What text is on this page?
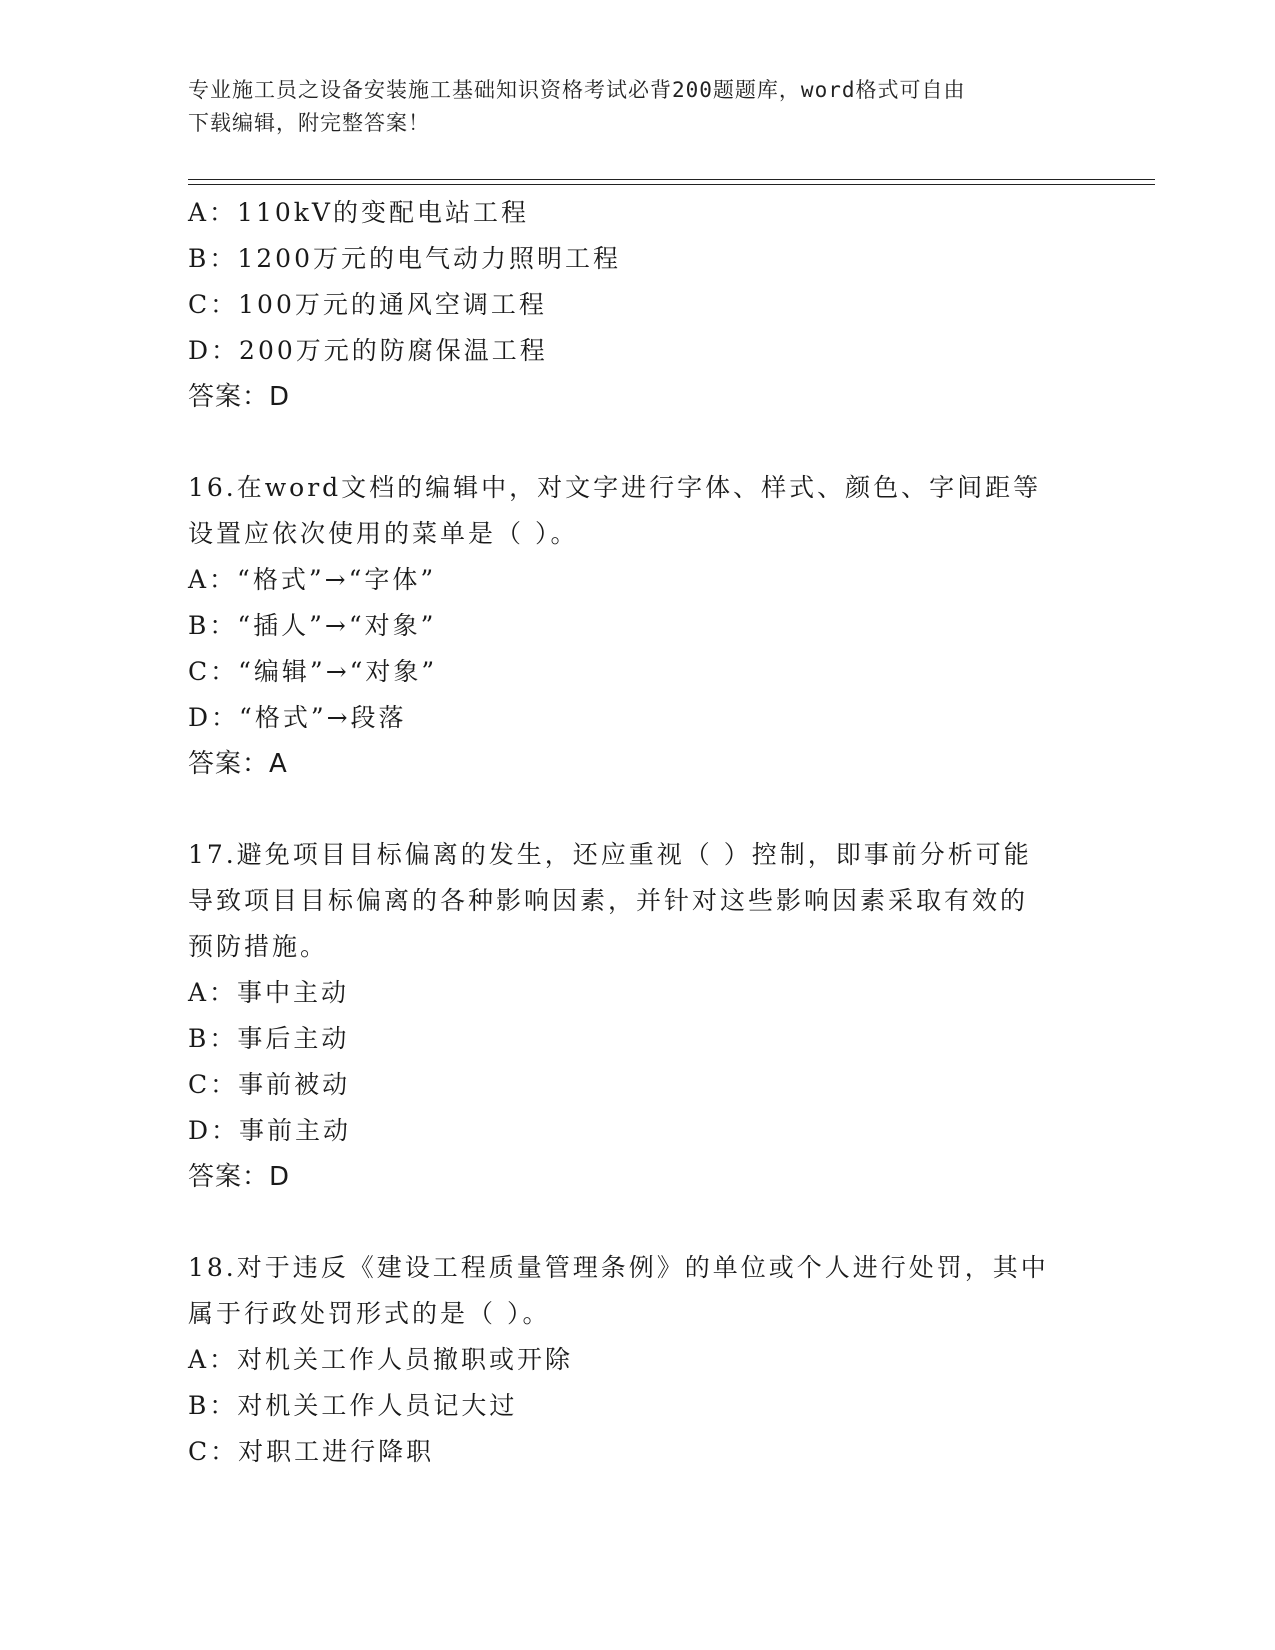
专业施工员之设备安装施工基础知识资格考试必背200题题库，word格式可自由
下载编辑，附完整答案！
A：110kV的变配电站工程
B：1200万元的电气动力照明工程
C：100万元的通风空调工程
D：200万元的防腐保温工程
答案：D
16.在word文档的编辑中，对文字进行字体、样式、颜色、字间距等
设置应依次使用的菜单是（ ）。
A：“格式”→“字体”
B：“插人”→“对象”
C：“编辑”→“对象”
D：“格式”→段落
答案：A
17.避免项目目标偏离的发生，还应重视（ ）控制，即事前分析可能
导致项目目标偏离的各种影响因素，并针对这些影响因素采取有效的
预防措施。
A：事中主动
B：事后主动
C：事前被动
D：事前主动
答案：D
18.对于违反《建设工程质量管理条例》的单位或个人进行处罚，其中
属于行政处罚形式的是（ ）。
A：对机关工作人员撤职或开除
B：对机关工作人员记大过
C：对职工进行降职
